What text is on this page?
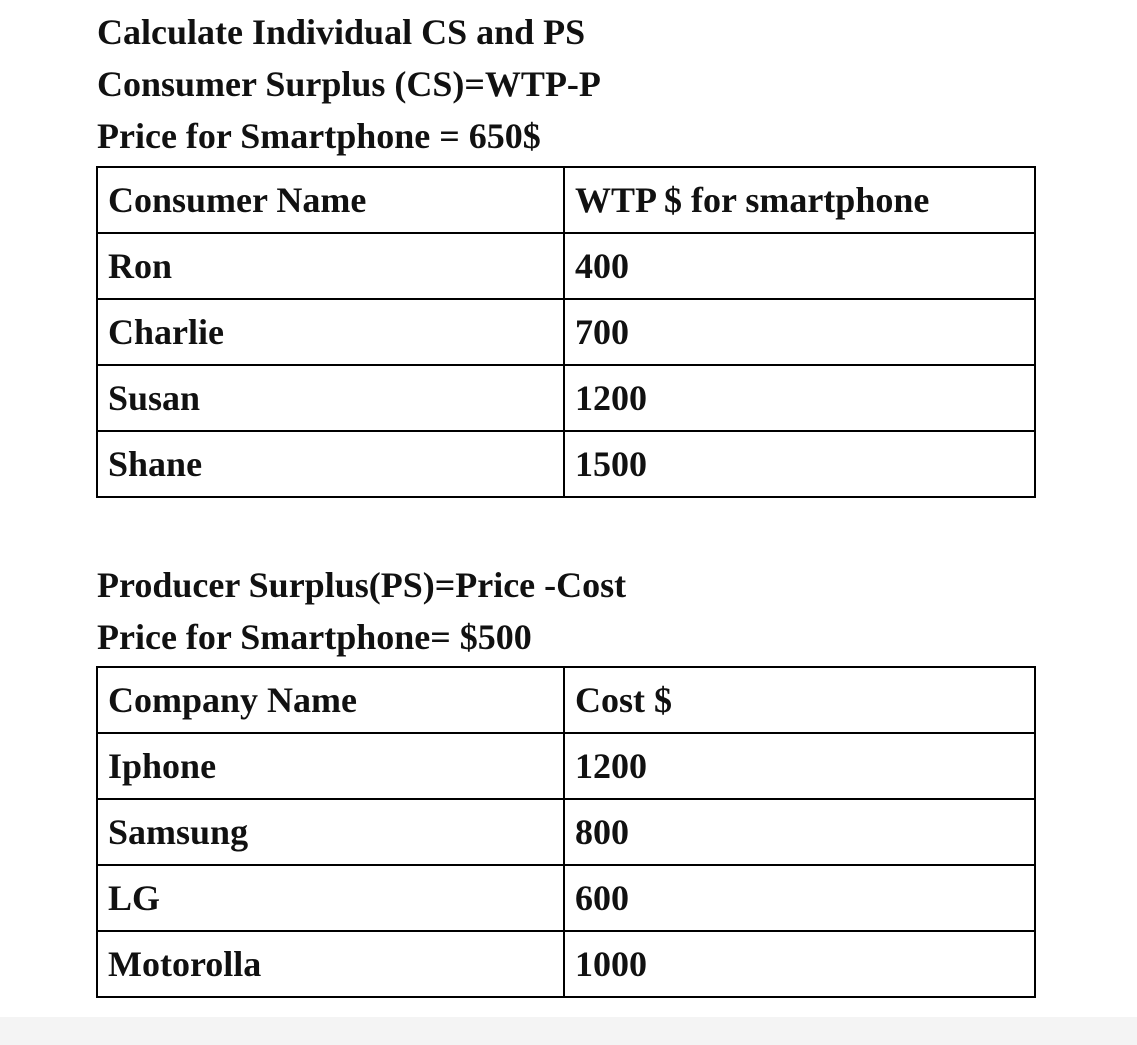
Calculate Individual CS and PS
Consumer Surplus (CS)=WTP-P
Price for Smartphone = 650$
Consumer Name	WTP $ for smartphone
Ron	400
Charlie	700
Susan	1200
Shane	1500
Producer Surplus(PS)=Price -Cost
Price for Smartphone= $500
Company Name	Cost $
Iphone	1200
Samsung	800
LG	600
Motorolla	1000
